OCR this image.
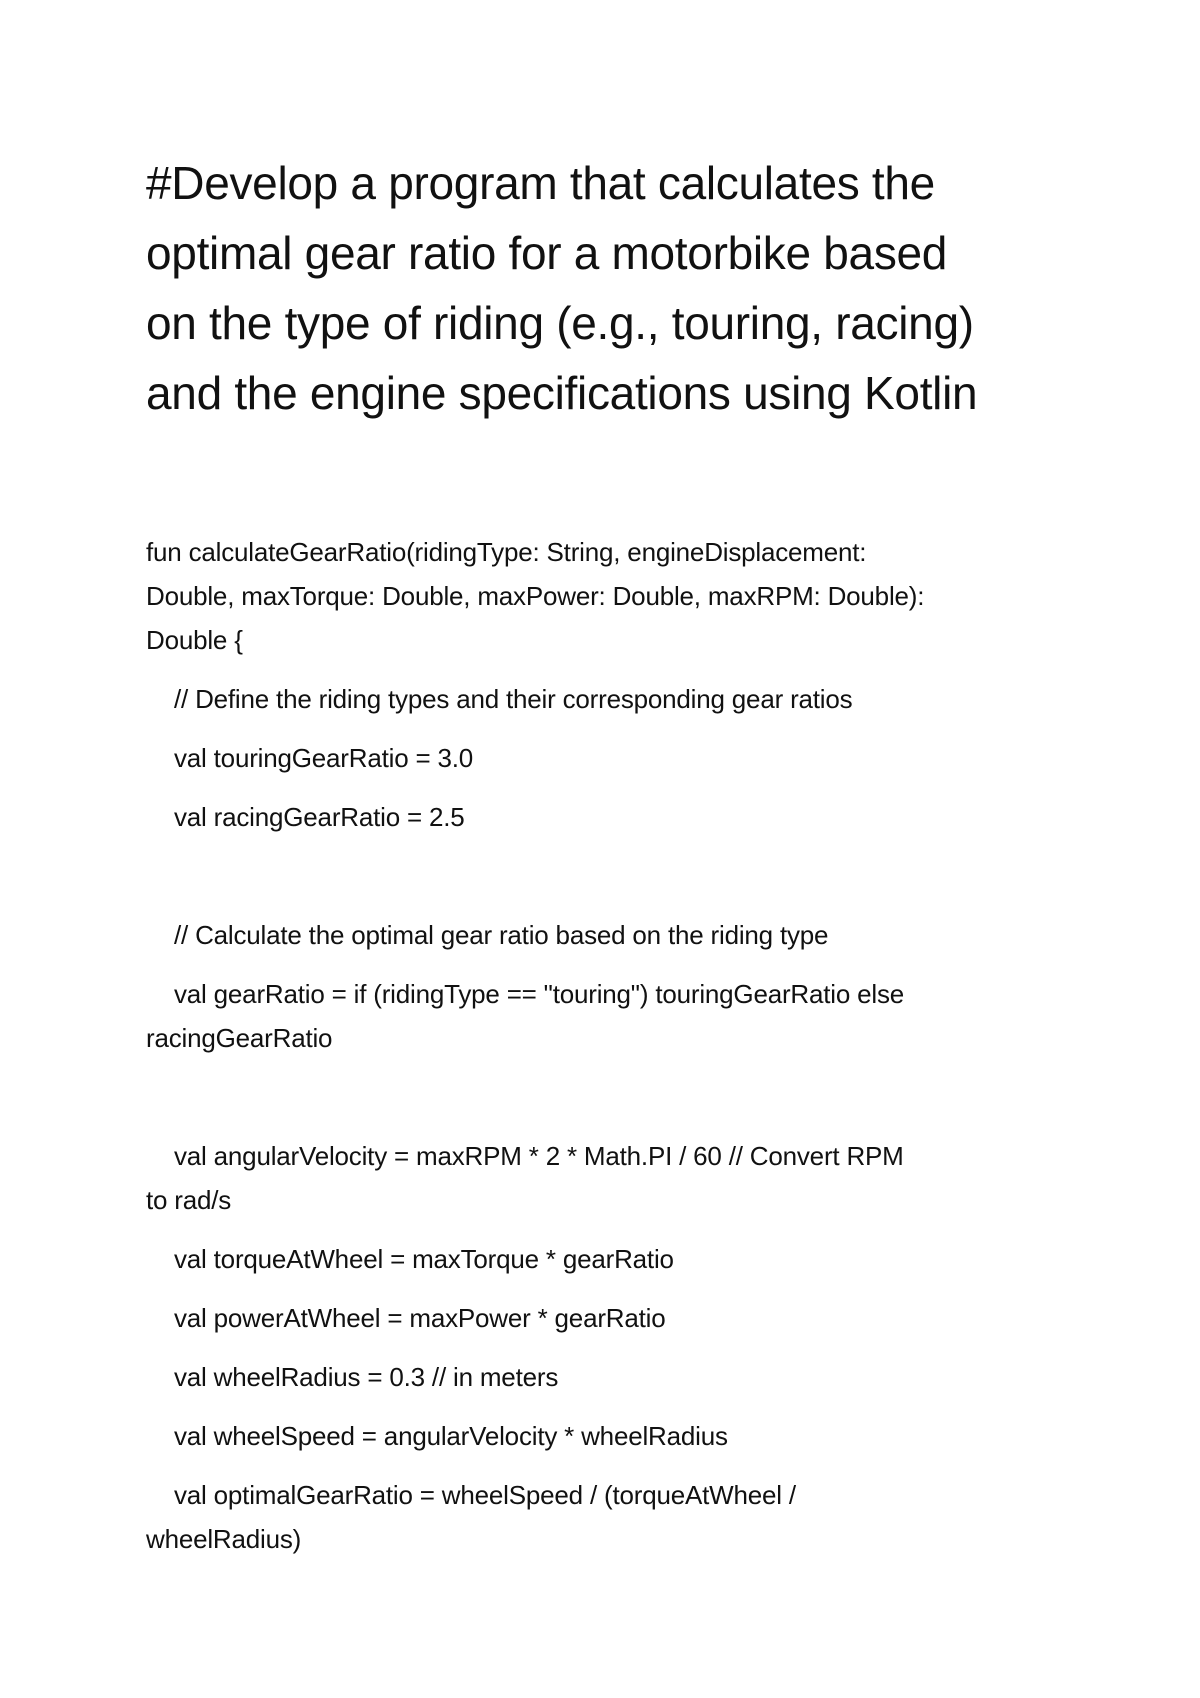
#Develop a program that calculates the
optimal gear ratio for a motorbike based
on the type of riding (e.g., touring, racing)
and the engine specifications using Kotlin
fun calculateGearRatio(ridingType: String, engineDisplacement:
Double, maxTorque: Double, maxPower: Double, maxRPM: Double):
Double {
// Define the riding types and their corresponding gear ratios
val touringGearRatio = 3.0
val racingGearRatio = 2.5
// Calculate the optimal gear ratio based on the riding type
val gearRatio = if (ridingType == "touring") touringGearRatio else
racingGearRatio
val angularVelocity = maxRPM * 2 * Math.PI / 60 // Convert RPM
to rad/s
val torqueAtWheel = maxTorque * gearRatio
val powerAtWheel = maxPower * gearRatio
val wheelRadius = 0.3 // in meters
val wheelSpeed = angularVelocity * wheelRadius
val optimalGearRatio = wheelSpeed / (torqueAtWheel /
wheelRadius)
